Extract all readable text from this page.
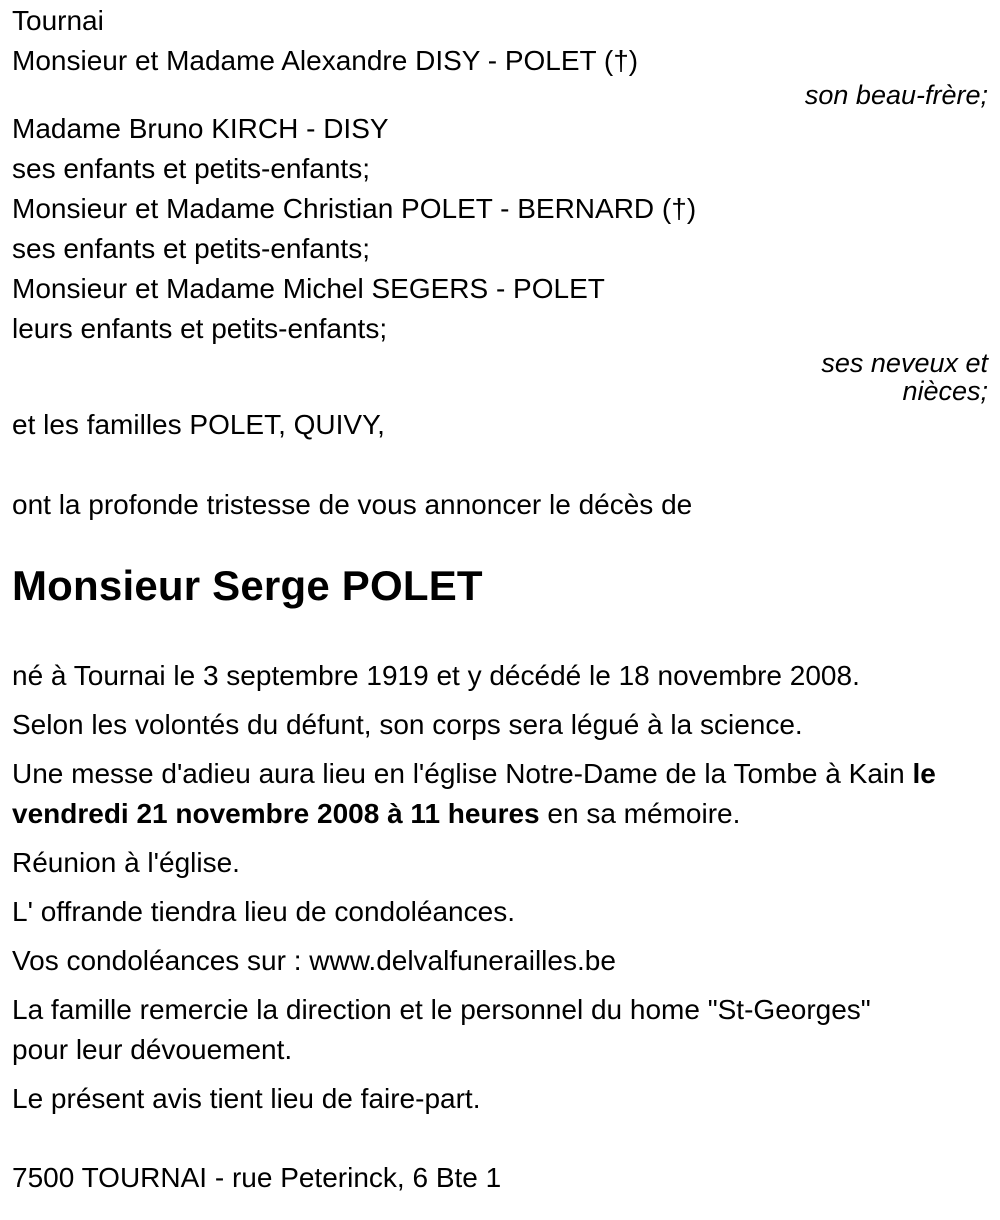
Tournai
Monsieur et Madame Alexandre DISY - POLET (†)
son beau-frère;
Madame Bruno KIRCH - DISY
ses enfants et petits-enfants;
Monsieur et Madame Christian POLET - BERNARD (†)
ses enfants et petits-enfants;
Monsieur et Madame Michel SEGERS - POLET
leurs enfants et petits-enfants;
ses neveux et
nièces;
et les familles POLET, QUIVY,
ont la profonde tristesse de vous annoncer le décès de
Monsieur Serge POLET
né à Tournai le 3 septembre 1919 et y décédé le 18 novembre 2008.
Selon les volontés du défunt, son corps sera légué à la science.
Une messe d'adieu aura lieu en l'église Notre-Dame de la Tombe à Kain le
vendredi 21 novembre 2008 à 11 heures en sa mémoire.
Réunion à l'église.
L' offrande tiendra lieu de condoléances.
Vos condoléances sur : www.delvalfunerailles.be
La famille remercie la direction et le personnel du home "St-Georges"
pour leur dévouement.
Le présent avis tient lieu de faire-part.
7500 TOURNAI - rue Peterinck, 6 Bte 1
